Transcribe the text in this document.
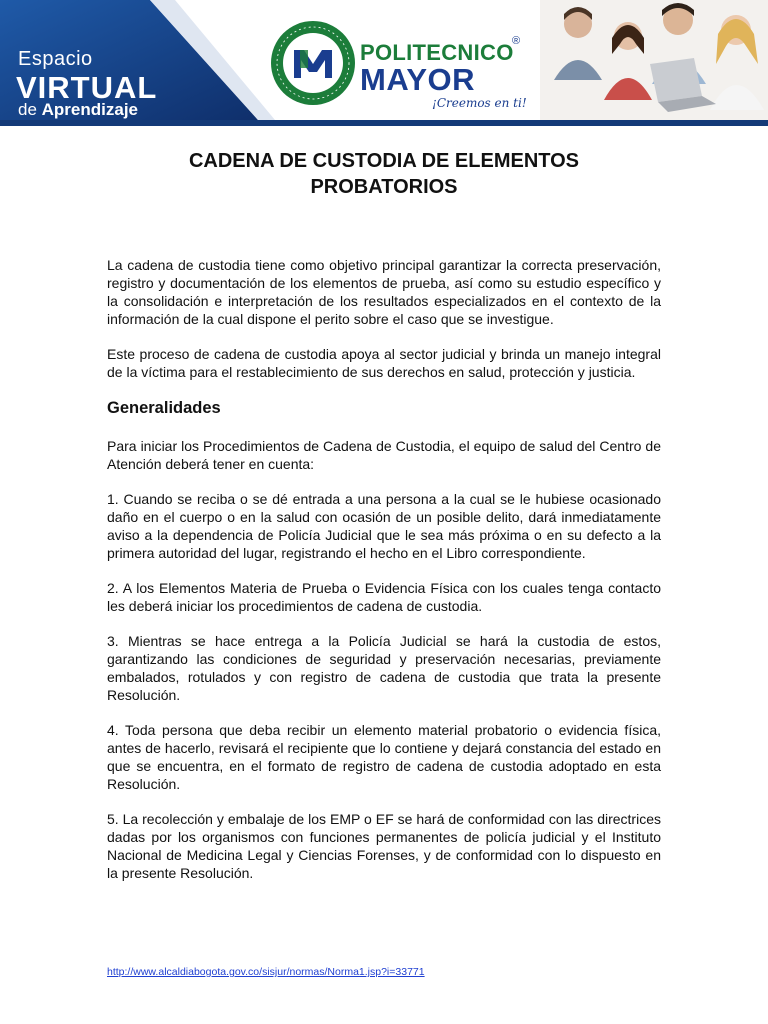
Espacio
VIRTUAL
de Aprendizaje
POLITECNICO
®
MAYOR
¡Creemos en ti!
CADENA DE CUSTODIA DE ELEMENTOS
PROBATORIOS

La cadena de custodia tiene como objetivo principal garantizar la correcta preservación, registro y documentación de los elementos de prueba, así como su estudio específico y la consolidación e interpretación de los resultados especializados en el contexto de la información de la cual dispone el perito sobre el caso que se investigue.

Este proceso de cadena de custodia apoya al sector judicial y brinda un manejo integral de la víctima para el restablecimiento de sus derechos en salud, protección y justicia.

Generalidades

Para iniciar los Procedimientos de Cadena de Custodia, el equipo de salud del Centro de Atención deberá tener en cuenta:

1. Cuando se reciba o se dé entrada a una persona a la cual se le hubiese ocasionado daño en el cuerpo o en la salud con ocasión de un posible delito, dará inmediatamente aviso a la dependencia de Policía Judicial que le sea más próxima o en su defecto a la primera autoridad del lugar, registrando el hecho en el Libro correspondiente.

2. A los Elementos Materia de Prueba o Evidencia Física con los cuales tenga contacto les deberá iniciar los procedimientos de cadena de custodia.

3. Mientras se hace entrega a la Policía Judicial se hará la custodia de estos, garantizando las condiciones de seguridad y preservación necesarias, previamente embalados, rotulados y con registro de cadena de custodia que trata la presente Resolución.

4. Toda persona que deba recibir un elemento material probatorio o evidencia física, antes de hacerlo, revisará el recipiente que lo contiene y dejará constancia del estado en que se encuentra, en el formato de registro de cadena de custodia adoptado en esta Resolución.

5. La recolección y embalaje de los EMP o EF se hará de conformidad con las directrices dadas por los organismos con funciones permanentes de policía judicial y el Instituto Nacional de Medicina Legal y Ciencias Forenses, y de conformidad con lo dispuesto en la presente Resolución.

http://www.alcaldiabogota.gov.co/sisjur/normas/Norma1.jsp?i=33771
